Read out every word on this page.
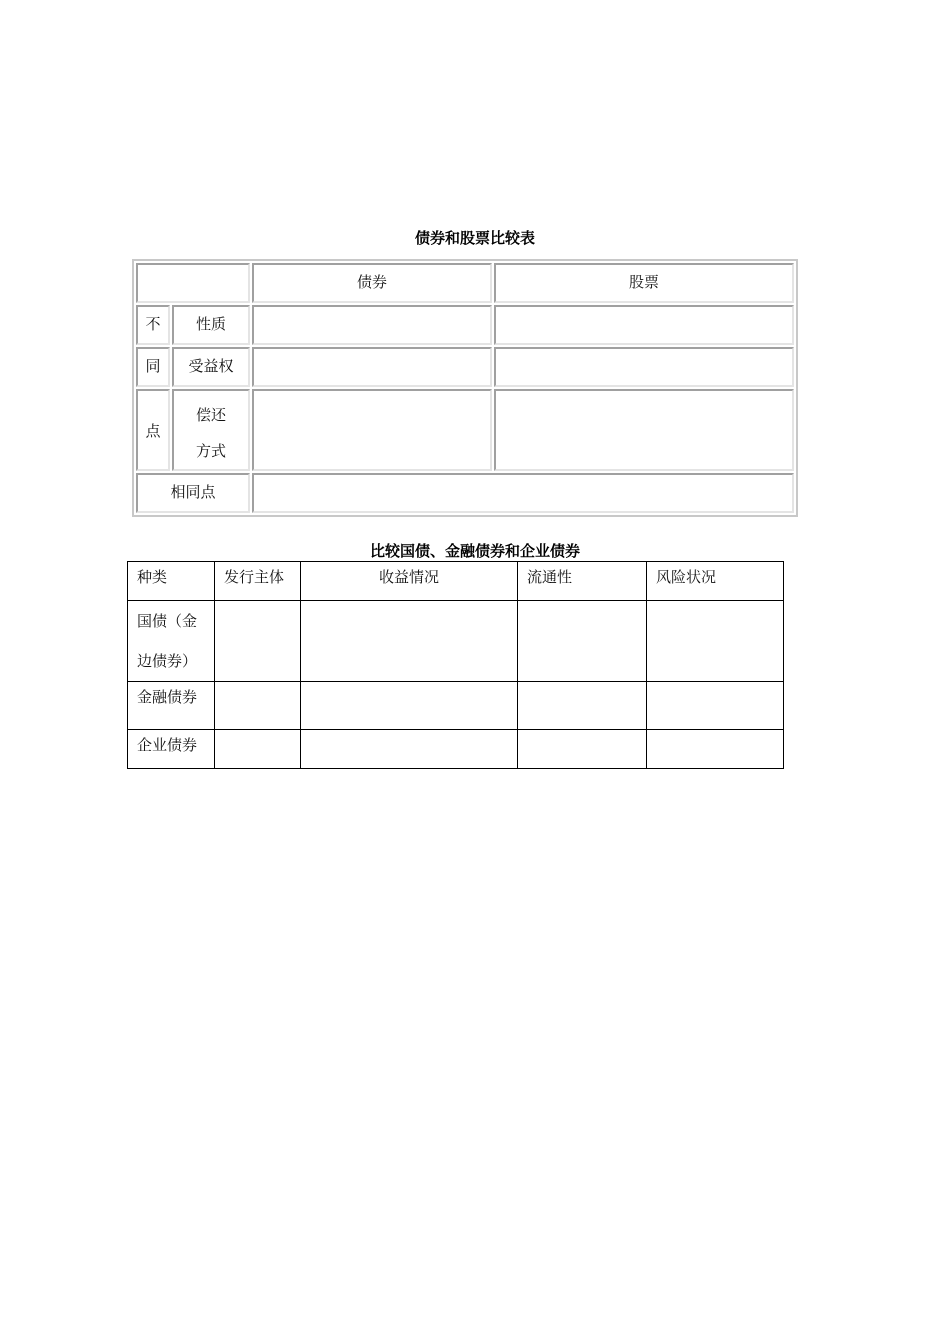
债券和股票比较表

		债券	股票

不	性质		

同	受益权		

点	偿还
方式		

相同点			

比较国债、金融债券和企业债券
种类	发行主体	收益情况	流通性	风险状况

国债（金
边债券）				

金融债券				

企业债券				
